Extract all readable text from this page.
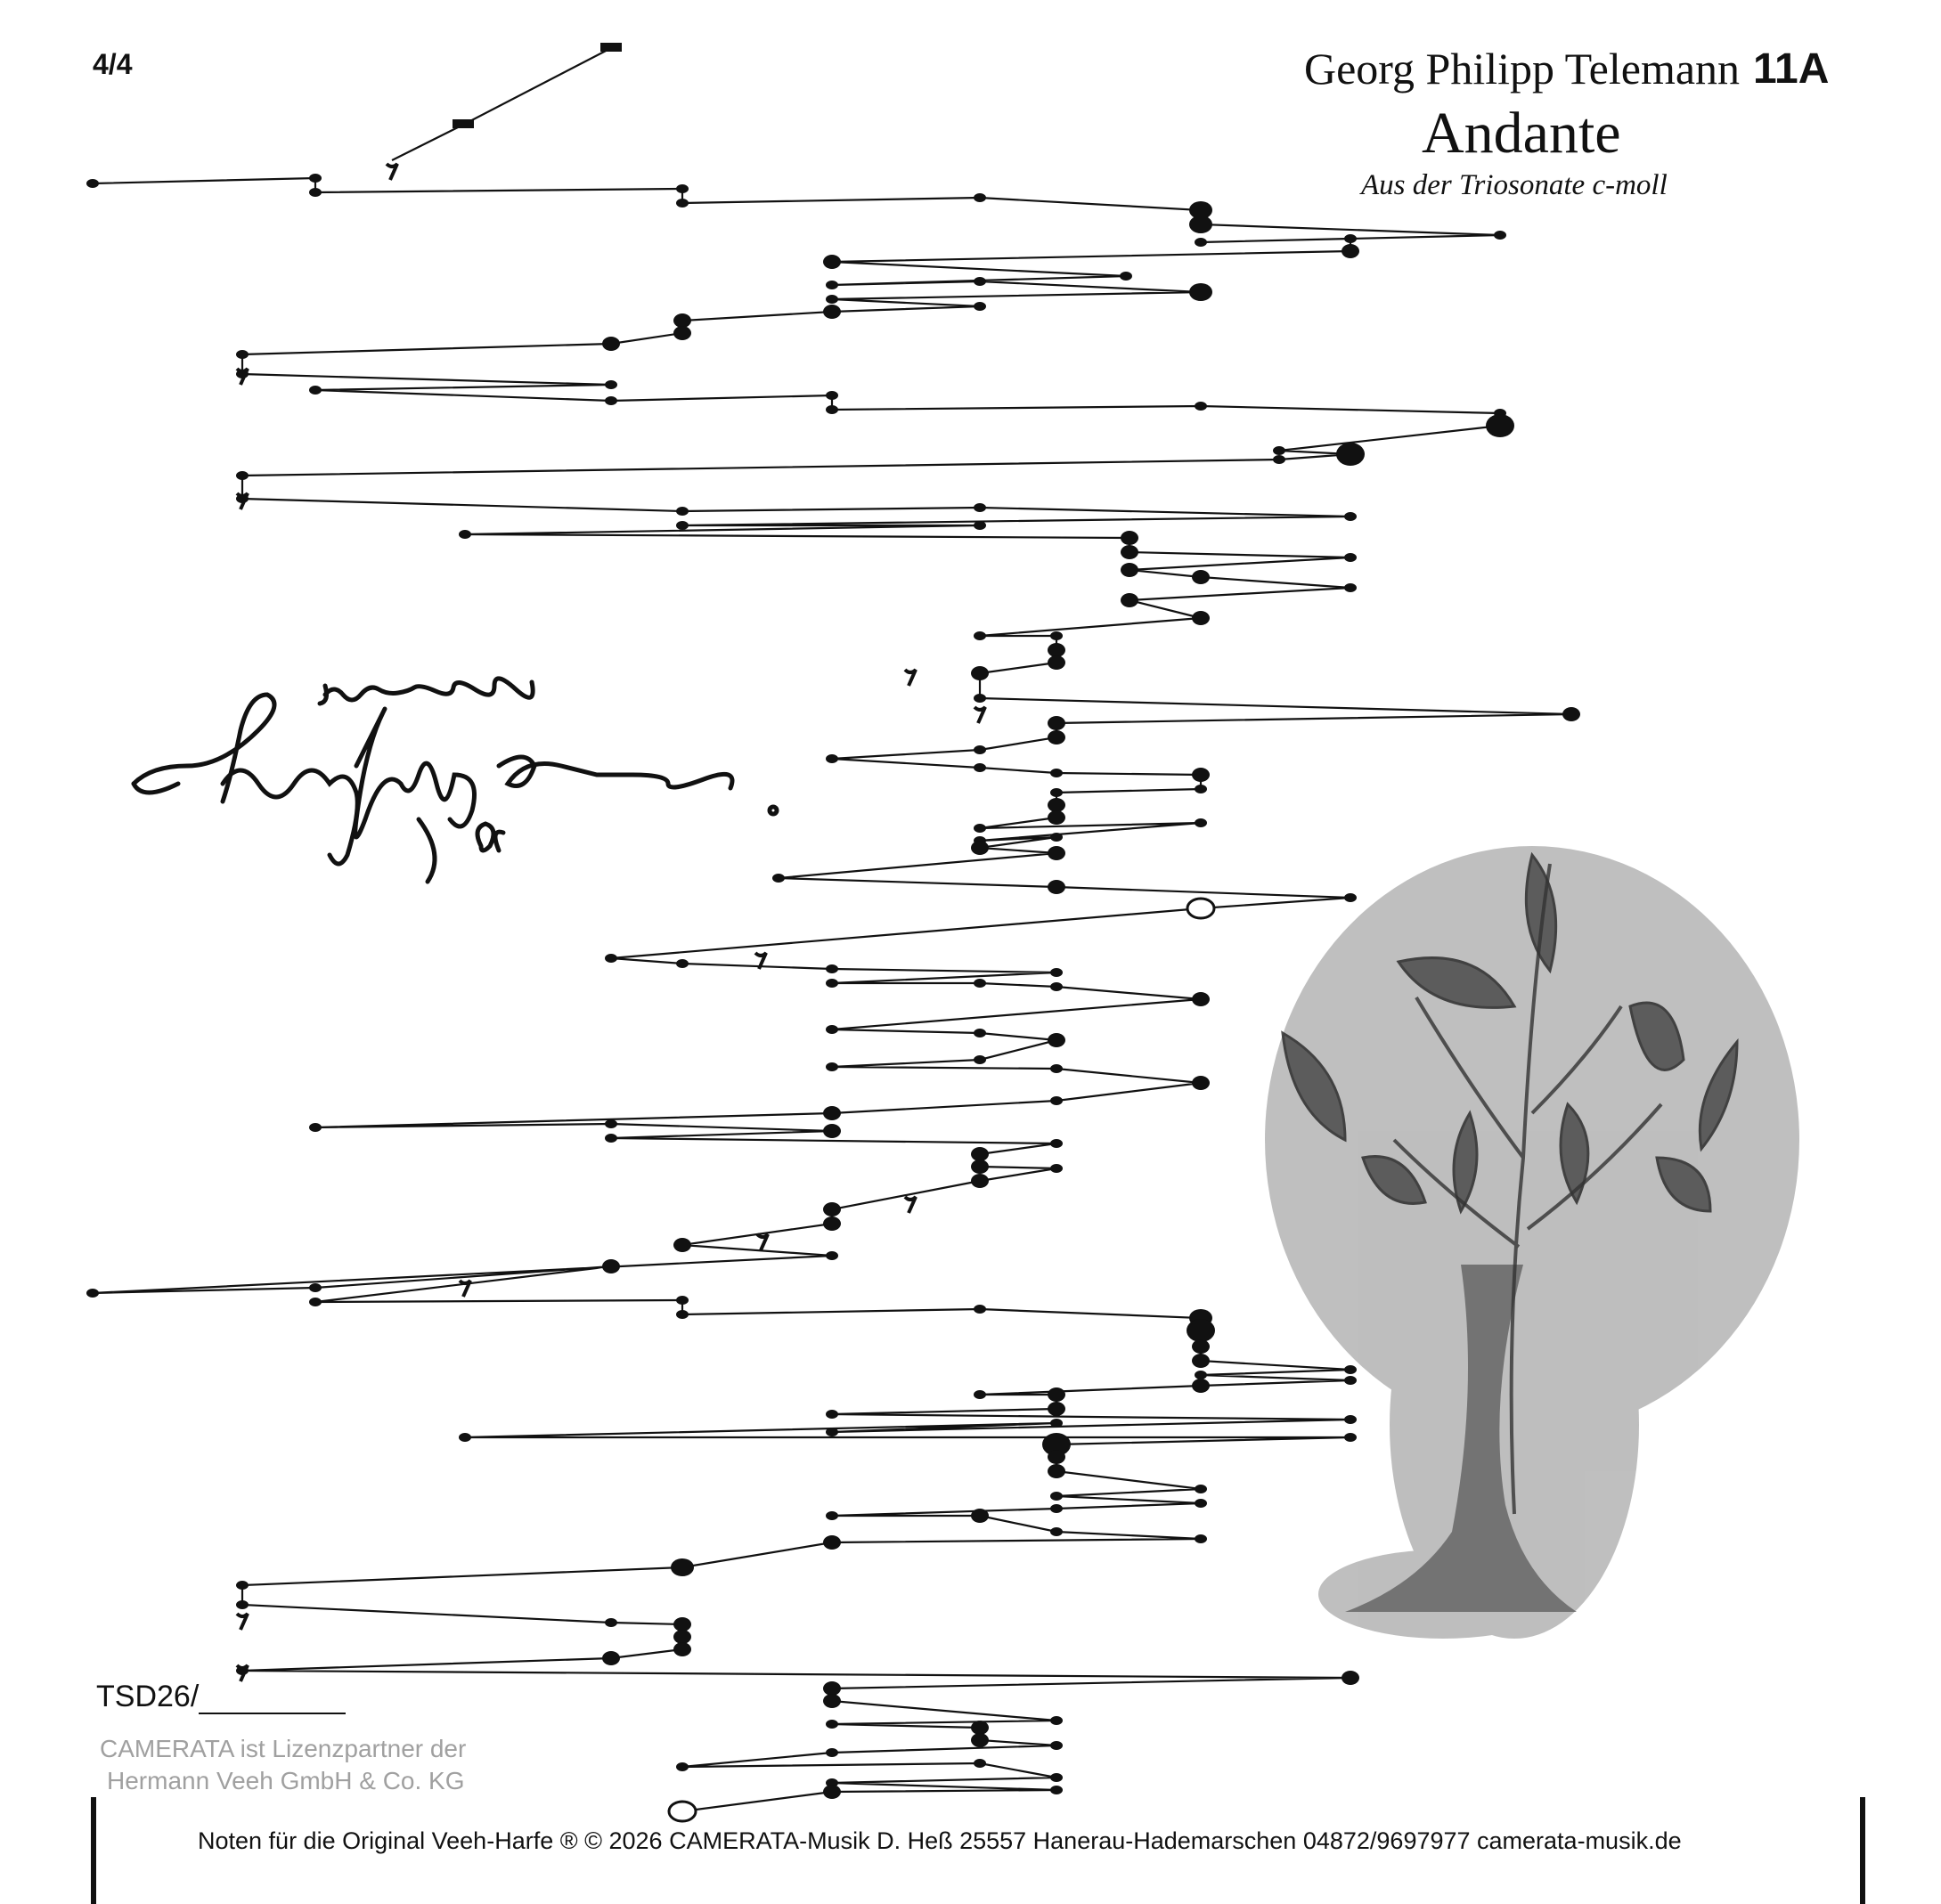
4/4	Georg Philipp Telemann 11A
Andante
Aus der Triosonate c-moll
TSD26/
CAMERATA ist Lizenzpartner der
Hermann Veeh GmbH & Co. KG
Noten für die Original Veeh-Harfe ® © 2026 CAMERATA-Musik D. Heß 25557 Hanerau-Hademarschen 04872/9697977 camerata-musik.de
